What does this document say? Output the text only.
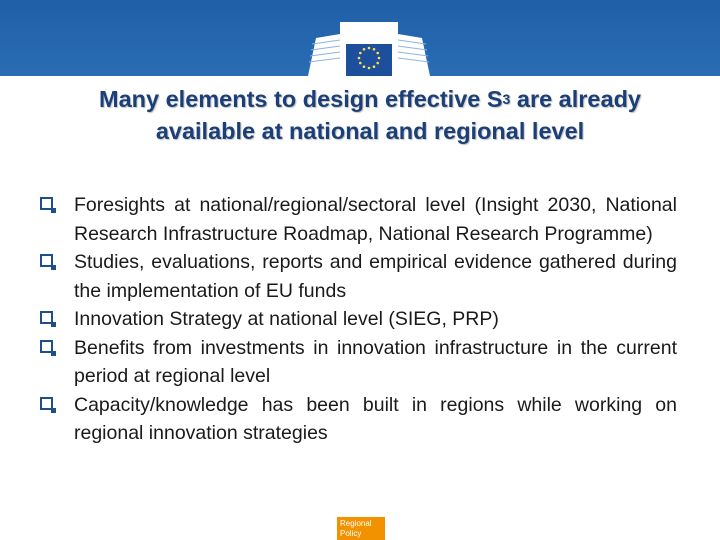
Many elements to design effective $S^3$ are already
available at national and regional level
Foresights at national/regional/sectoral level (Insight 2030, National Research Infrastructure Roadmap, National Research Programme)
Studies, evaluations, reports and empirical evidence gathered during the implementation of EU funds
Innovation Strategy at national level (SIEG, PRP)
Benefits from investments in innovation infrastructure in the current period at regional level
Capacity/knowledge has been built in regions while working on regional innovation strategies
Regional
Policy
